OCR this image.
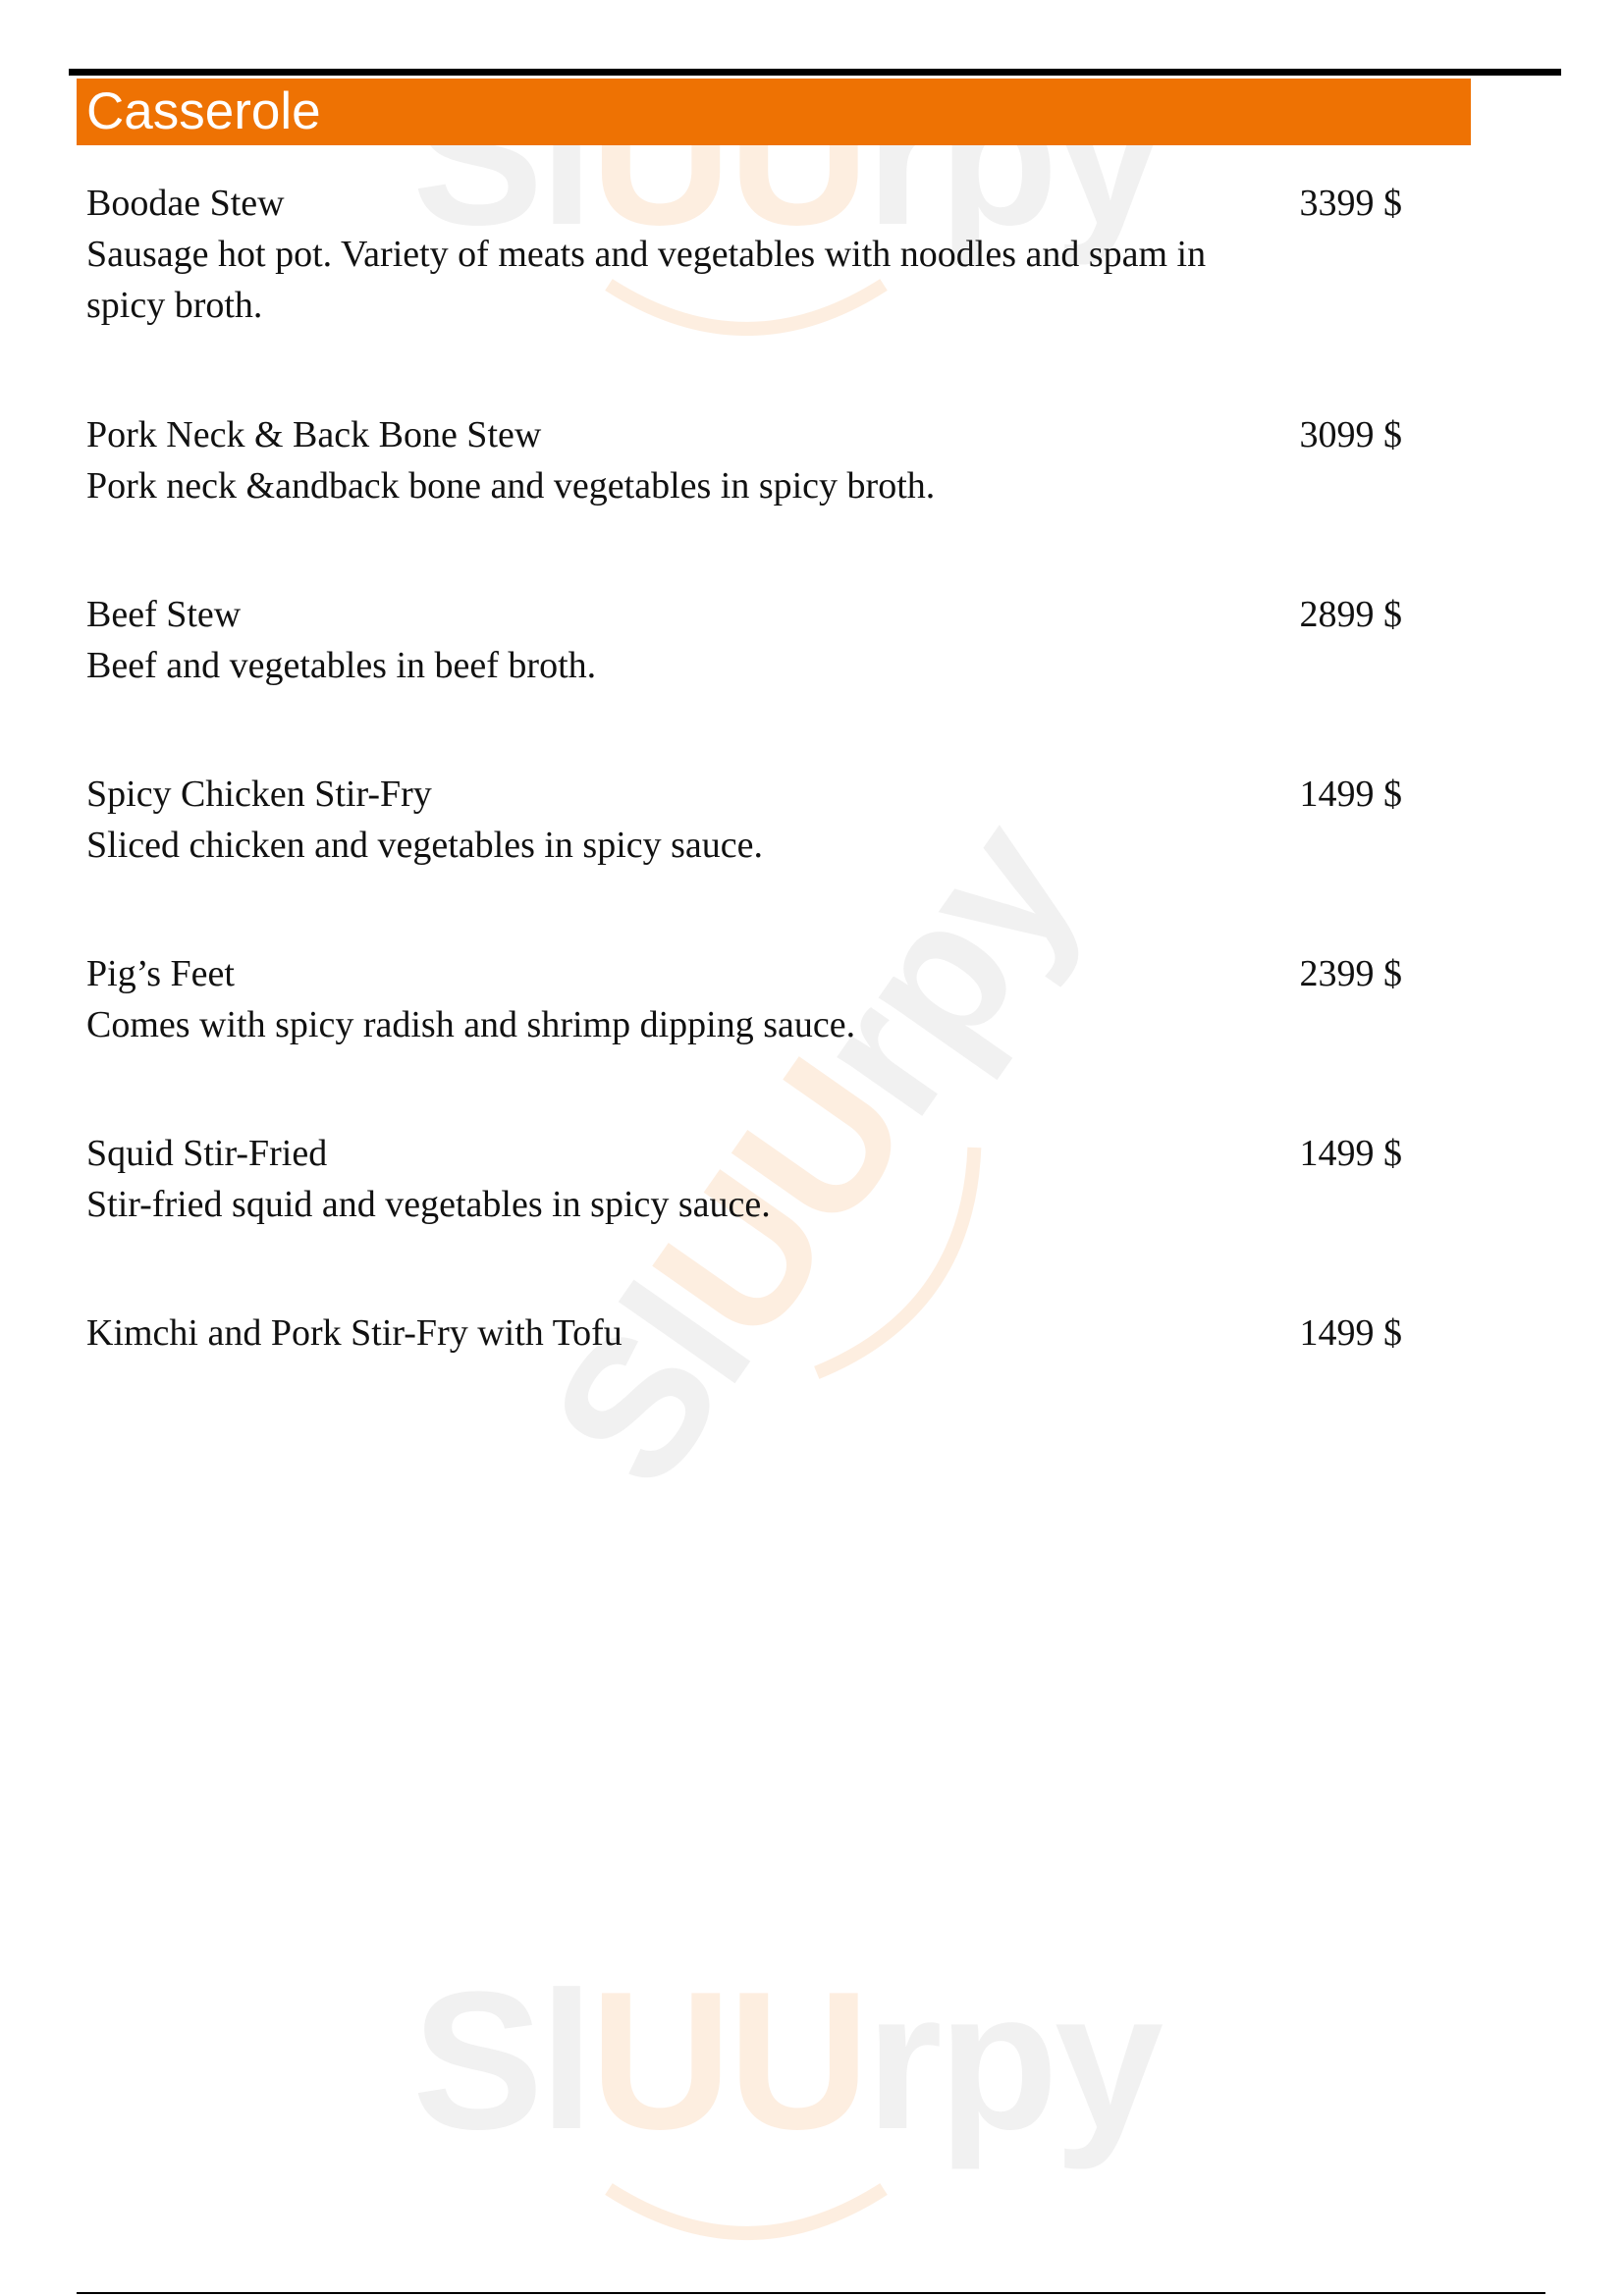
SlUUrpy
SlUUrpy
SlUUrpy
Casserole
Boodae Stew	3399 $
Sausage hot pot. Variety of meats and vegetables with noodles and spam in spicy broth.
Pork Neck & Back Bone Stew	3099 $
Pork neck &andback bone and vegetables in spicy broth.
Beef Stew	2899 $
Beef and vegetables in beef broth.
Spicy Chicken Stir-Fry	1499 $
Sliced chicken and vegetables in spicy sauce.
Pig’s Feet	2399 $
Comes with spicy radish and shrimp dipping sauce.
Squid Stir-Fried	1499 $
Stir-fried squid and vegetables in spicy sauce.
Kimchi and Pork Stir-Fry with Tofu	1499 $
